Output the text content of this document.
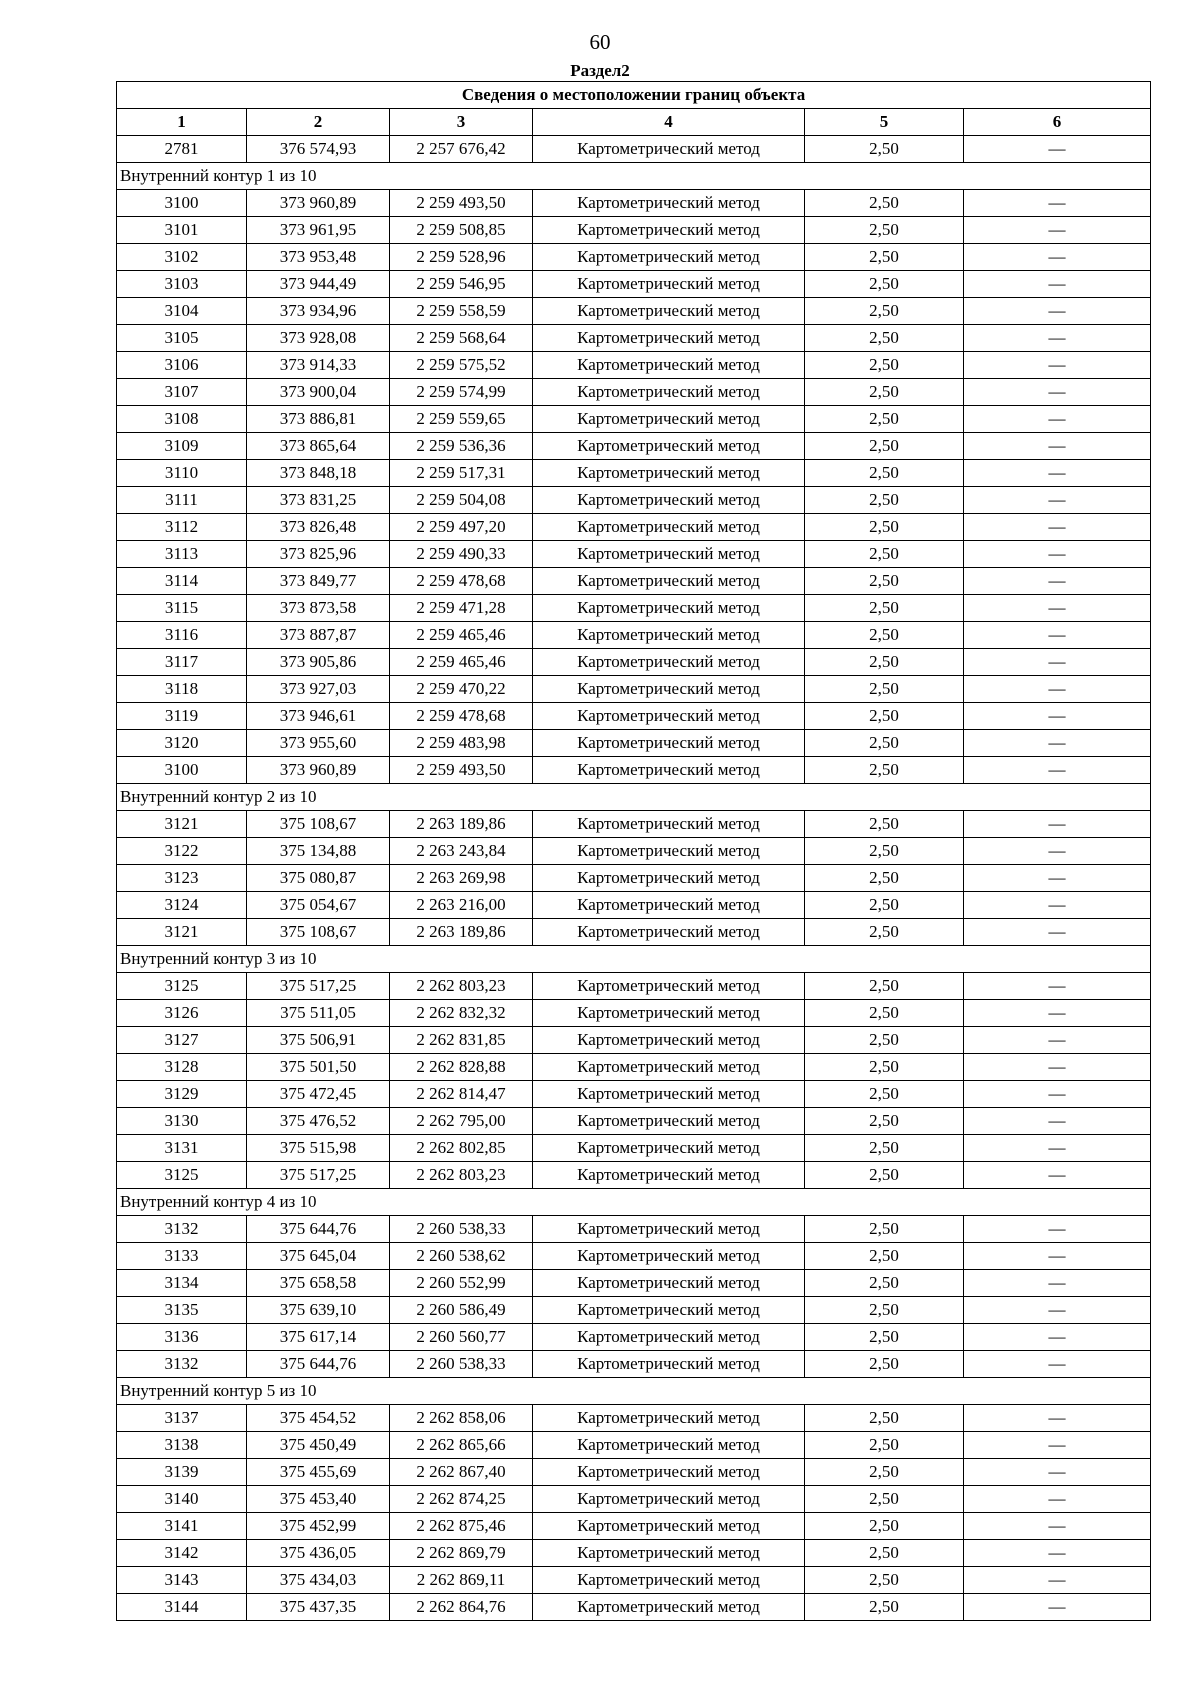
60
Раздел2
Сведения о местоположении границ объекта					
1	2	3	4	5	6
2781	376 574,93	2 257 676,42	Картометрический метод	2,50	—
Внутренний контур 1 из 10					
3100	373 960,89	2 259 493,50	Картометрический метод	2,50	—
3101	373 961,95	2 259 508,85	Картометрический метод	2,50	—
3102	373 953,48	2 259 528,96	Картометрический метод	2,50	—
3103	373 944,49	2 259 546,95	Картометрический метод	2,50	—
3104	373 934,96	2 259 558,59	Картометрический метод	2,50	—
3105	373 928,08	2 259 568,64	Картометрический метод	2,50	—
3106	373 914,33	2 259 575,52	Картометрический метод	2,50	—
3107	373 900,04	2 259 574,99	Картометрический метод	2,50	—
3108	373 886,81	2 259 559,65	Картометрический метод	2,50	—
3109	373 865,64	2 259 536,36	Картометрический метод	2,50	—
3110	373 848,18	2 259 517,31	Картометрический метод	2,50	—
3111	373 831,25	2 259 504,08	Картометрический метод	2,50	—
3112	373 826,48	2 259 497,20	Картометрический метод	2,50	—
3113	373 825,96	2 259 490,33	Картометрический метод	2,50	—
3114	373 849,77	2 259 478,68	Картометрический метод	2,50	—
3115	373 873,58	2 259 471,28	Картометрический метод	2,50	—
3116	373 887,87	2 259 465,46	Картометрический метод	2,50	—
3117	373 905,86	2 259 465,46	Картометрический метод	2,50	—
3118	373 927,03	2 259 470,22	Картометрический метод	2,50	—
3119	373 946,61	2 259 478,68	Картометрический метод	2,50	—
3120	373 955,60	2 259 483,98	Картометрический метод	2,50	—
3100	373 960,89	2 259 493,50	Картометрический метод	2,50	—
Внутренний контур 2 из 10					
3121	375 108,67	2 263 189,86	Картометрический метод	2,50	—
3122	375 134,88	2 263 243,84	Картометрический метод	2,50	—
3123	375 080,87	2 263 269,98	Картометрический метод	2,50	—
3124	375 054,67	2 263 216,00	Картометрический метод	2,50	—
3121	375 108,67	2 263 189,86	Картометрический метод	2,50	—
Внутренний контур 3 из 10					
3125	375 517,25	2 262 803,23	Картометрический метод	2,50	—
3126	375 511,05	2 262 832,32	Картометрический метод	2,50	—
3127	375 506,91	2 262 831,85	Картометрический метод	2,50	—
3128	375 501,50	2 262 828,88	Картометрический метод	2,50	—
3129	375 472,45	2 262 814,47	Картометрический метод	2,50	—
3130	375 476,52	2 262 795,00	Картометрический метод	2,50	—
3131	375 515,98	2 262 802,85	Картометрический метод	2,50	—
3125	375 517,25	2 262 803,23	Картометрический метод	2,50	—
Внутренний контур 4 из 10					
3132	375 644,76	2 260 538,33	Картометрический метод	2,50	—
3133	375 645,04	2 260 538,62	Картометрический метод	2,50	—
3134	375 658,58	2 260 552,99	Картометрический метод	2,50	—
3135	375 639,10	2 260 586,49	Картометрический метод	2,50	—
3136	375 617,14	2 260 560,77	Картометрический метод	2,50	—
3132	375 644,76	2 260 538,33	Картометрический метод	2,50	—
Внутренний контур 5 из 10					
3137	375 454,52	2 262 858,06	Картометрический метод	2,50	—
3138	375 450,49	2 262 865,66	Картометрический метод	2,50	—
3139	375 455,69	2 262 867,40	Картометрический метод	2,50	—
3140	375 453,40	2 262 874,25	Картометрический метод	2,50	—
3141	375 452,99	2 262 875,46	Картометрический метод	2,50	—
3142	375 436,05	2 262 869,79	Картометрический метод	2,50	—
3143	375 434,03	2 262 869,11	Картометрический метод	2,50	—
3144	375 437,35	2 262 864,76	Картометрический метод	2,50	—
